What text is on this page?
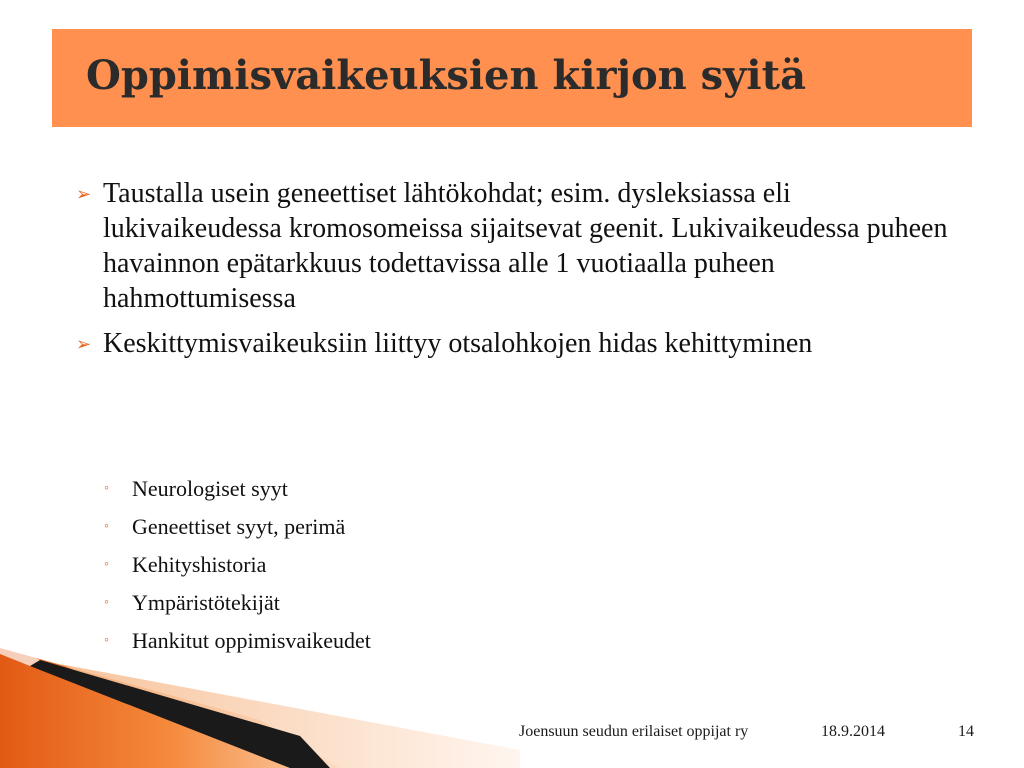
Oppimisvaikeuksien kirjon syitä
➢ Taustalla usein geneettiset lähtökohdat; esim. dysleksiassa eli lukivaikeudessa kromosomeissa sijaitsevat geenit. Lukivaikeudessa puheen havainnon epätarkkuus todettavissa alle 1 vuotiaalla puheen hahmottumisessa
➢ Keskittymisvaikeuksiin liittyy otsalohkojen hidas kehittyminen
◦ Neurologiset syyt
◦ Geneettiset syyt, perimä
◦ Kehityshistoria
◦ Ympäristötekijät
◦ Hankitut oppimisvaikeudet
Joensuun seudun erilaiset oppijat ry	18.9.2014	14
